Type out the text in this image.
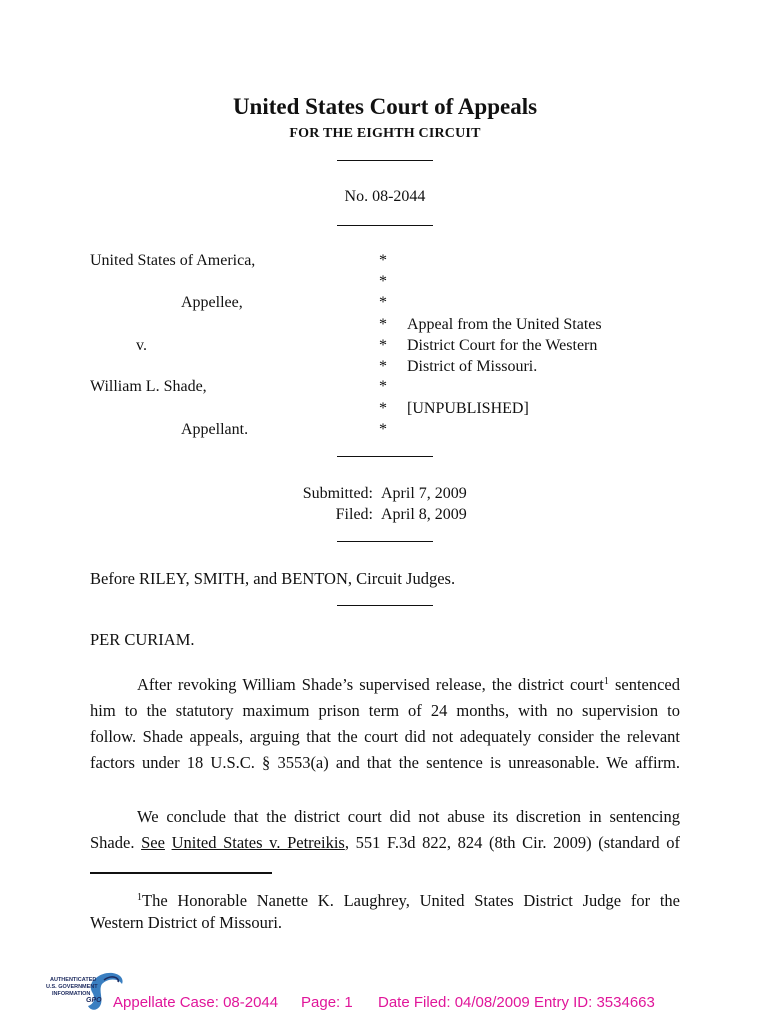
United States Court of Appeals
FOR THE EIGHTH CIRCUIT
No. 08-2044
United States of America,
Appellee,
v.
William L. Shade,
Appellant.
*
*
*
*
*
*
*
*
*
Appeal from the United States
District Court for the Western
District of Missouri.
[UNPUBLISHED]
Submitted: April 7, 2009
Filed: April 8, 2009
Before RILEY, SMITH, and BENTON, Circuit Judges.
PER CURIAM.
After revoking William Shade’s supervised release, the district court$^1$ sentenced
him to the statutory maximum prison term of 24 months, with no supervision to
follow. Shade appeals, arguing that the court did not adequately consider the relevant
factors under 18 U.S.C. § 3553(a) and that the sentence is unreasonable. We affirm.
We conclude that the district court did not abuse its discretion in sentencing
Shade. See United States v. Petreikis, 551 F.3d 822, 824 (8th Cir. 2009) (standard of
$^1$The Honorable Nanette K. Laughrey, United States District Judge for the
Western District of Missouri.
AUTHENTICATED
U.S. GOVERNMENT
INFORMATION
GPO Appellate Case: 08-2044 Page: 1 Date Filed: 04/08/2009 Entry ID: 3534663
